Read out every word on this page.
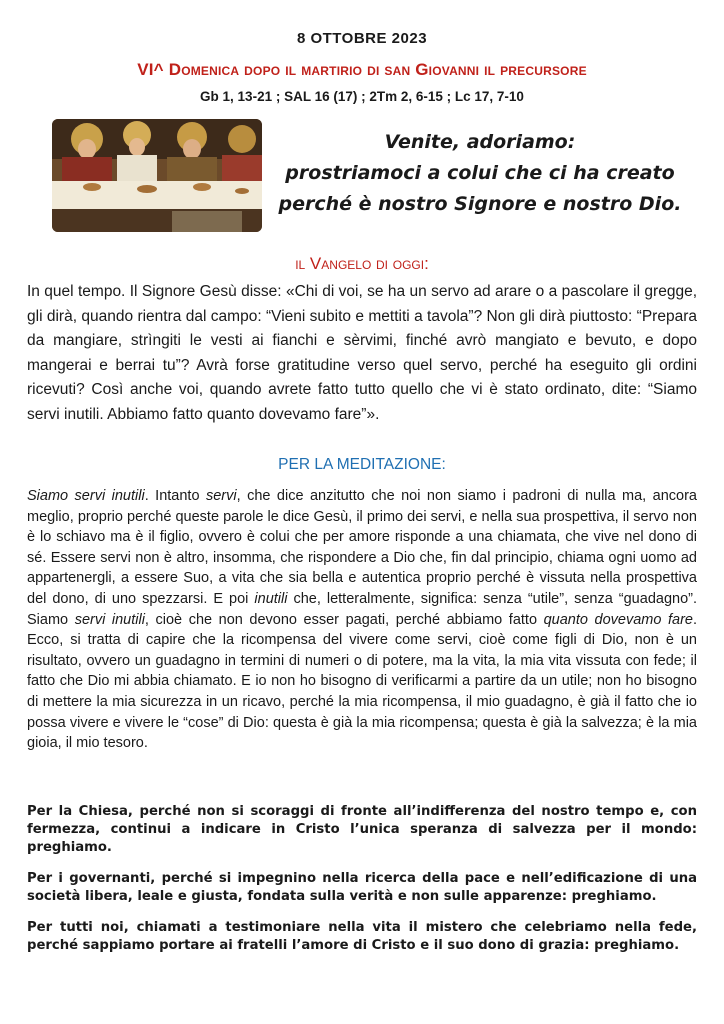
8 OTTOBRE 2023
VI^ Domenica dopo il martirio di san Giovanni il precursore
Gb 1, 13-21 ; SAL 16 (17) ; 2Tm 2, 6-15 ; Lc 17, 7-10
Venite, adoriamo:
prostriamoci a colui che ci ha creato
perché è nostro Signore e nostro Dio.
il Vangelo di oggi:
In quel tempo. Il Signore Gesù disse: «Chi di voi, se ha un servo ad arare o a pascolare il gregge, gli dirà, quando rientra dal campo: “Vieni subito e mettiti a tavola”? Non gli dirà piuttosto: “Prepara da mangiare, strìngiti le vesti ai fianchi e sèrvimi, finché avrò mangiato e bevuto, e dopo mangerai e berrai tu”? Avrà forse gratitudine verso quel servo, perché ha eseguito gli ordini ricevuti? Così anche voi, quando avrete fatto tutto quello che vi è stato ordinato, dite: “Siamo servi inutili. Abbiamo fatto quanto dovevamo fare”».
PER LA MEDITAZIONE:
Siamo servi inutili. Intanto servi, che dice anzitutto che noi non siamo i padroni di nulla ma, ancora meglio, proprio perché queste parole le dice Gesù, il primo dei servi, e nella sua prospettiva, il servo non è lo schiavo ma è il figlio, ovvero è colui che per amore risponde a una chiamata, che vive nel dono di sé. Essere servi non è altro, insomma, che rispondere a Dio che, fin dal principio, chiama ogni uomo ad appartenergli, a essere Suo, a vita che sia bella e autentica proprio perché è vissuta nella prospettiva del dono, di uno spezzarsi. E poi inutili che, letteralmente, significa: senza “utile”, senza “guadagno”. Siamo servi inutili, cioè che non devono esser pagati, perché abbiamo fatto quanto dovevamo fare. Ecco, si tratta di capire che la ricompensa del vivere come servi, cioè come figli di Dio, non è un risultato, ovvero un guadagno in termini di numeri o di potere, ma la vita, la mia vita vissuta con fede; il fatto che Dio mi abbia chiamato. E io non ho bisogno di verificarmi a partire da un utile; non ho bisogno di mettere la mia sicurezza in un ricavo, perché la mia ricompensa, il mio guadagno, è già il fatto che io possa vivere e vivere le “cose” di Dio: questa è già la mia ricompensa; questa è già la salvezza; è la mia gioia, il mio tesoro.

Per la Chiesa, perché non si scoraggi di fronte all’indifferenza del nostro tempo e, con fermezza, continui a indicare in Cristo l’unica speranza di salvezza per il mondo: preghiamo.

Per i governanti, perché si impegnino nella ricerca della pace e nell’edificazione di una società libera, leale e giusta, fondata sulla verità e non sulle apparenze: preghiamo.

Per tutti noi, chiamati a testimoniare nella vita il mistero che celebriamo nella fede, perché sappiamo portare ai fratelli l’amore di Cristo e il suo dono di grazia: preghiamo.
